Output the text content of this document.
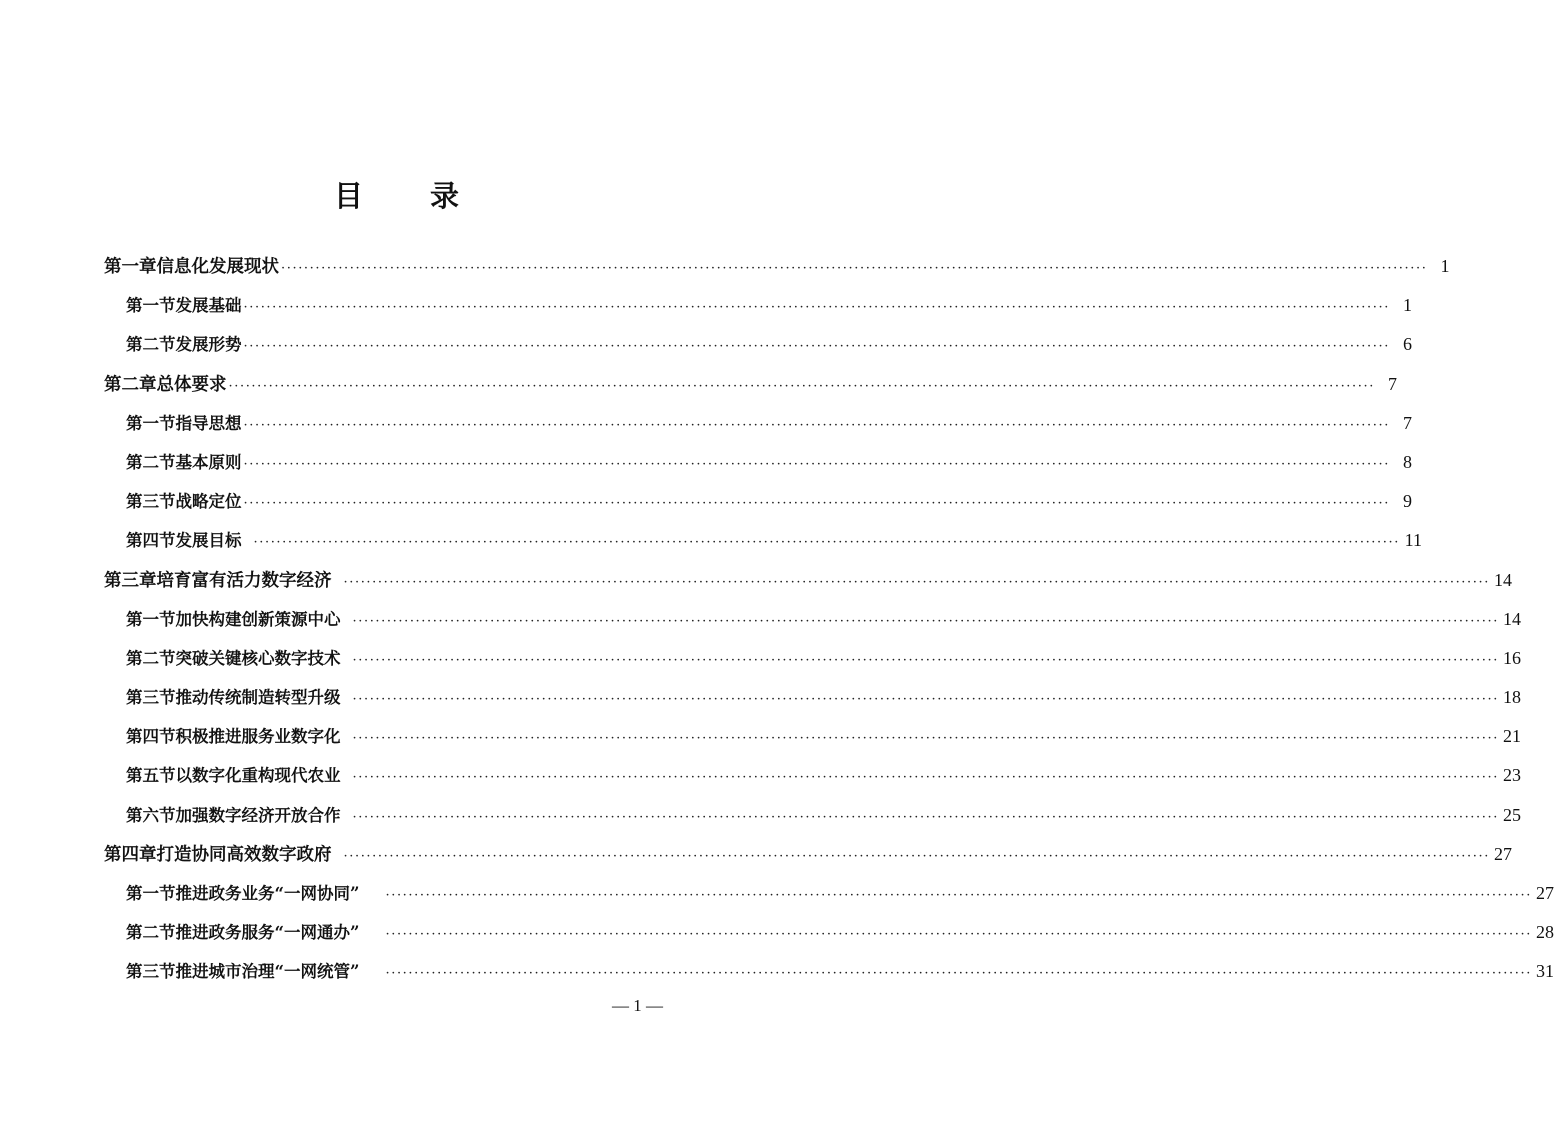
目 录
第一章 信息化发展现状 ········································································································································································································ 1
第一节 发展基础 ········································································································································································································ 1
第二节 发展形势 ········································································································································································································ 6
第二章 总体要求 ········································································································································································································ 7
第一节 指导思想 ········································································································································································································ 7
第二节 基本原则 ········································································································································································································ 8
第三节 战略定位 ········································································································································································································ 9
第四节 发展目标 ········································································································································································································ 11
第三章 培育富有活力数字经济 ········································································································································································································ 14
第一节 加快构建创新策源中心 ········································································································································································································ 14
第二节 突破关键核心数字技术 ········································································································································································································ 16
第三节 推动传统制造转型升级 ········································································································································································································ 18
第四节 积极推进服务业数字化 ········································································································································································································ 21
第五节 以数字化重构现代农业 ········································································································································································································ 23
第六节 加强数字经济开放合作 ········································································································································································································ 25
第四章 打造协同高效数字政府 ········································································································································································································ 27
第一节 推进政务业务“一网协同” ········································································································································································································ 27
第二节 推进政务服务“一网通办” ········································································································································································································ 28
第三节 推进城市治理“一网统管” ········································································································································································································ 31
— 1 —
